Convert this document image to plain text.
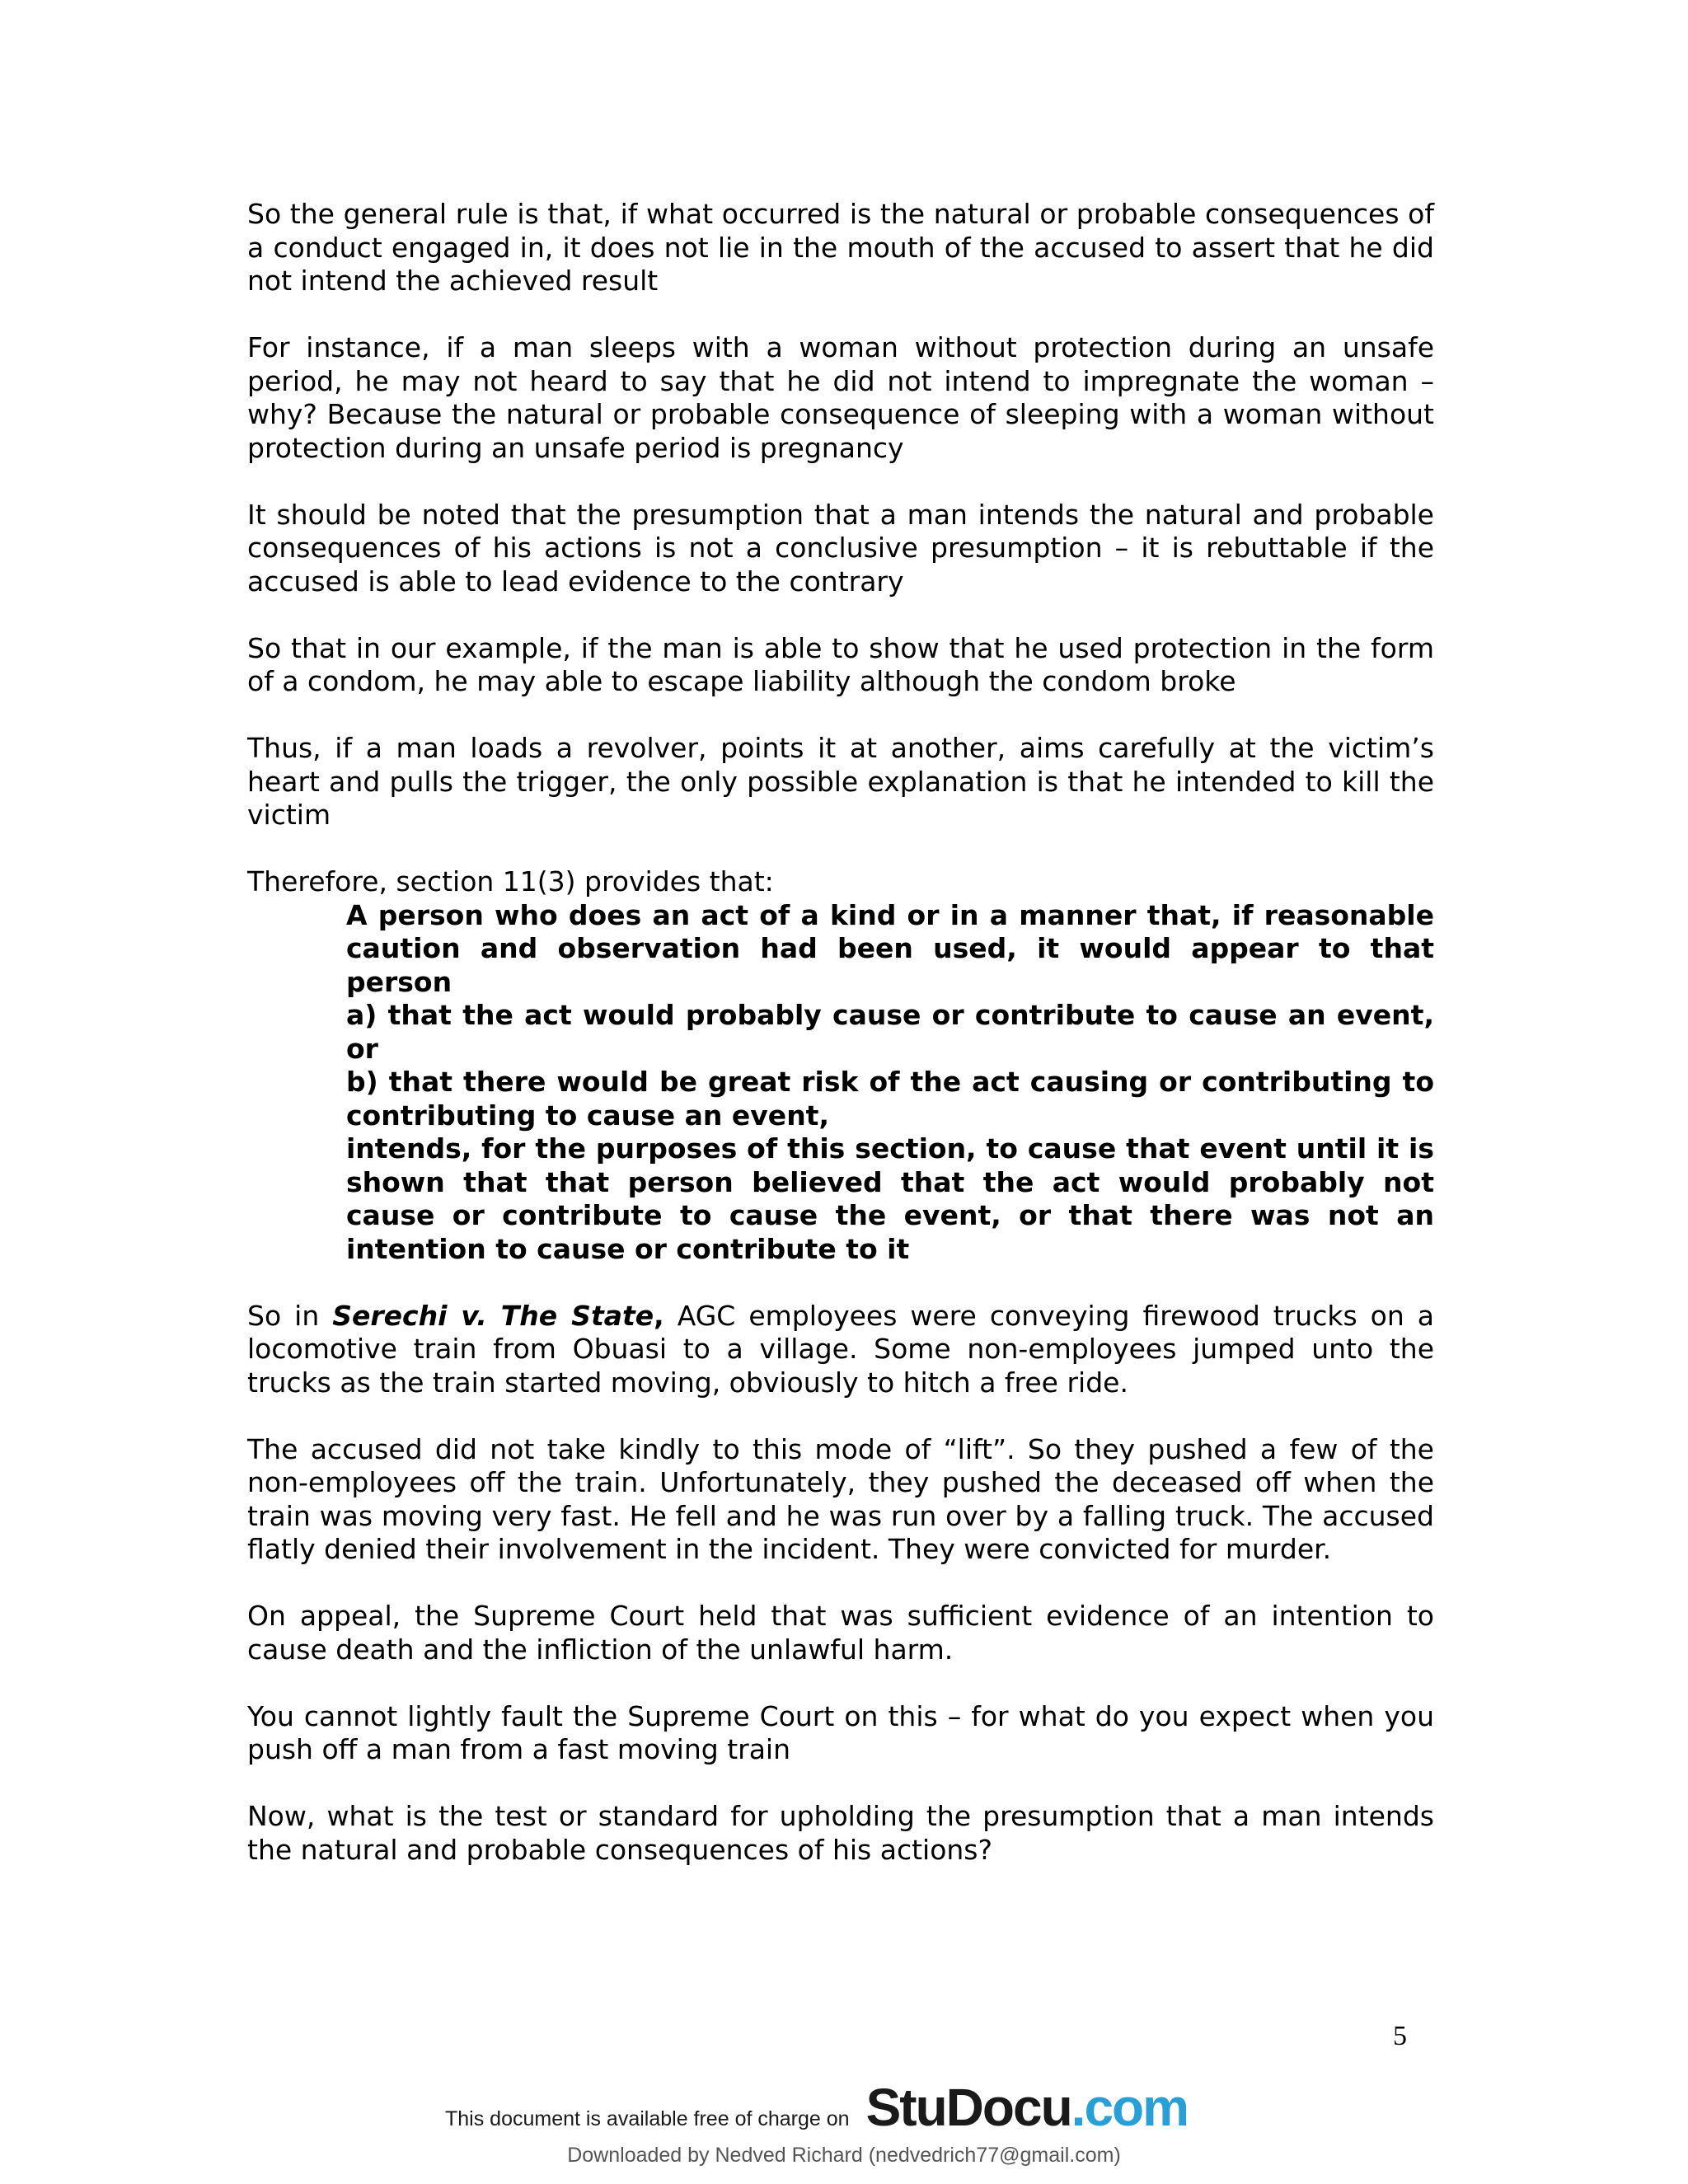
So the general rule is that, if what occurred is the natural or probable consequences of a conduct engaged in, it does not lie in the mouth of the accused to assert that he did not intend the achieved result

For instance, if a man sleeps with a woman without protection during an unsafe period, he may not heard to say that he did not intend to impregnate the woman – why? Because the natural or probable consequence of sleeping with a woman without protection during an unsafe period is pregnancy

It should be noted that the presumption that a man intends the natural and probable consequences of his actions is not a conclusive presumption – it is rebuttable if the accused is able to lead evidence to the contrary

So that in our example, if the man is able to show that he used protection in the form of a condom, he may able to escape liability although the condom broke

Thus, if a man loads a revolver, points it at another, aims carefully at the victim’s heart and pulls the trigger, the only possible explanation is that he intended to kill the victim

Therefore, section 11(3) provides that:

A person who does an act of a kind or in a manner that, if reasonable caution and observation had been used, it would appear to that person
a) that the act would probably cause or contribute to cause an event, or
b) that there would be great risk of the act causing or contributing to contributing to cause an event,
intends, for the purposes of this section, to cause that event until it is shown that that person believed that the act would probably not cause or contribute to cause the event, or that there was not an intention to cause or contribute to it

So in Serechi v. The State, AGC employees were conveying firewood trucks on a locomotive train from Obuasi to a village. Some non-employees jumped unto the trucks as the train started moving, obviously to hitch a free ride.

The accused did not take kindly to this mode of “lift”. So they pushed a few of the non-employees off the train. Unfortunately, they pushed the deceased off when the train was moving very fast. He fell and he was run over by a falling truck. The accused flatly denied their involvement in the incident. They were convicted for murder.

On appeal, the Supreme Court held that was sufficient evidence of an intention to cause death and the infliction of the unlawful harm.

You cannot lightly fault the Supreme Court on this – for what do you expect when you push off a man from a fast moving train

Now, what is the test or standard for upholding the presumption that a man intends the natural and probable consequences of his actions?

5
This document is available free of charge on StuDocu.com
Downloaded by Nedved Richard (nedvedrich77@gmail.com)
